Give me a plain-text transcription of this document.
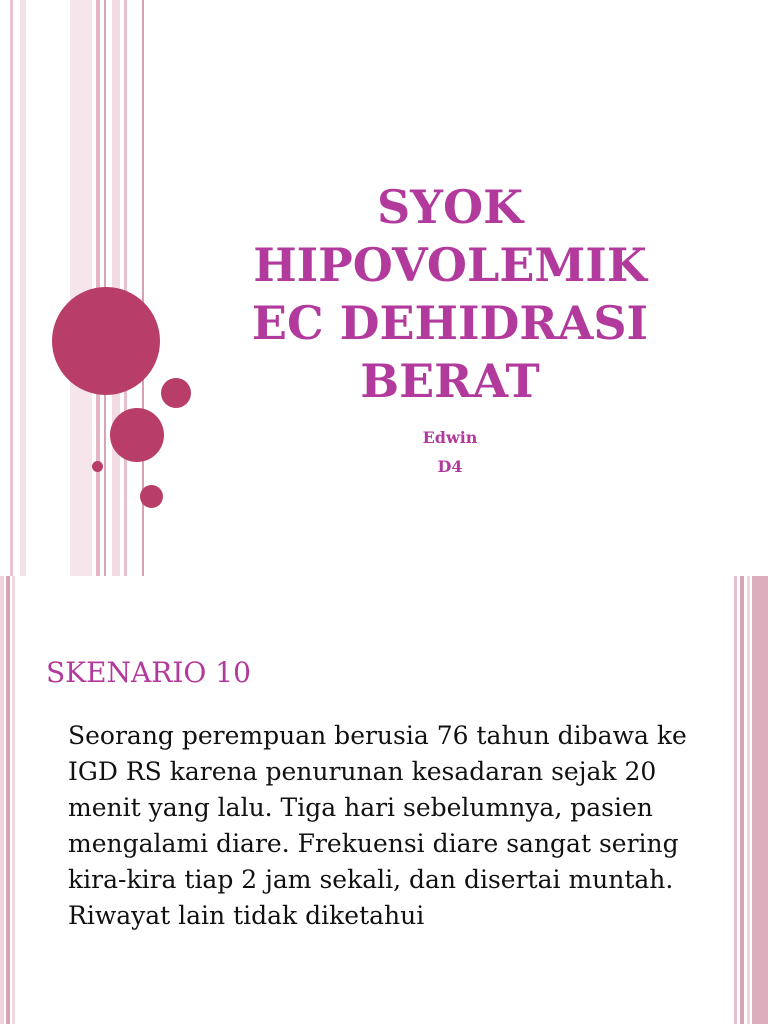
SYOK
HIPOVOLEMIK
EC DEHIDRASI
BERAT

Edwin

D4

SKENARIO 10

Seorang perempuan berusia 76 tahun dibawa ke IGD RS karena penurunan kesadaran sejak 20 menit yang lalu. Tiga hari sebelumnya, pasien mengalami diare. Frekuensi diare sangat sering kira-kira tiap 2 jam sekali, dan disertai muntah. Riwayat lain tidak diketahui
